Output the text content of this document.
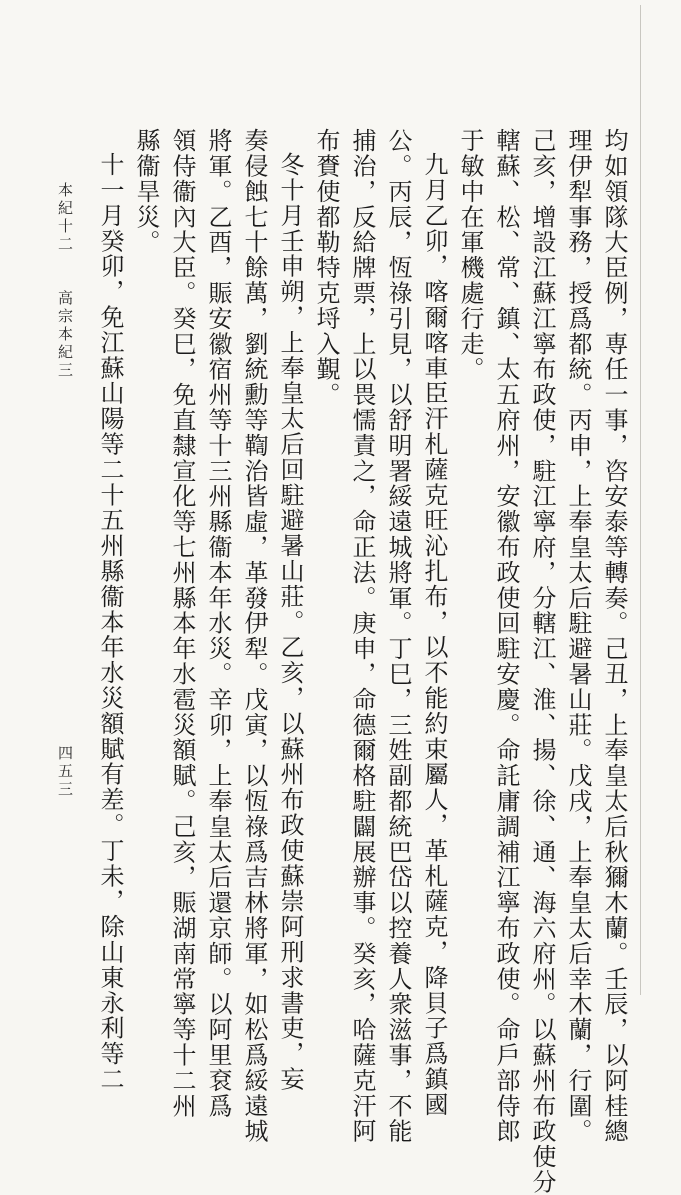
均如領隊大臣例，専任一事，咨安泰等轉奏。己丑，上奉皇太后秋獮木蘭。壬辰，以阿桂總
理伊犁事務，授爲都統。丙申，上奉皇太后駐避暑山莊。戊戌，上奉皇太后幸木蘭，行圍。
己亥，增設江蘇江寧布政使，駐江寧府，分轄江、淮、揚、徐、通、海六府州。以蘇州布政使分
轄蘇、松、常、鎮、太五府州，安徽布政使回駐安慶。命託庸調補江寧布政使。命戶部侍郎
于敏中在軍機處行走。
九月乙卯，喀爾喀車臣汗札薩克旺沁扎布，以不能約束屬人，革札薩克，降貝子爲鎮國
公。丙辰，恆祿引見，以舒明署綏遠城將軍。丁巳，三姓副都統巴岱以控養人衆滋事，不能
捕治，反給牌票，上以畏懦責之，命正法。庚申，命德爾格駐闢展辦事。癸亥，哈薩克汗阿
布賚使都勒特克埒入覲。
冬十月壬申朔，上奉皇太后回駐避暑山莊。乙亥，以蘇州布政使蘇崇阿刑求書吏，妄
奏侵蝕七十餘萬，劉統勳等鞫治皆虛，革發伊犁。戊寅，以恆祿爲吉林將軍，如松爲綏遠城
將軍。乙酉，賑安徽宿州等十三州縣衞本年水災。辛卯，上奉皇太后還京師。以阿里袞爲
領侍衞內大臣。癸巳，免直隸宣化等七州縣本年水雹災額賦。己亥，賑湖南常寧等十二州
縣衞旱災。
十一月癸卯，免江蘇山陽等二十五州縣衞本年水災額賦有差。丁未，除山東永利等二
本紀十二
高宗本紀三
四五三
